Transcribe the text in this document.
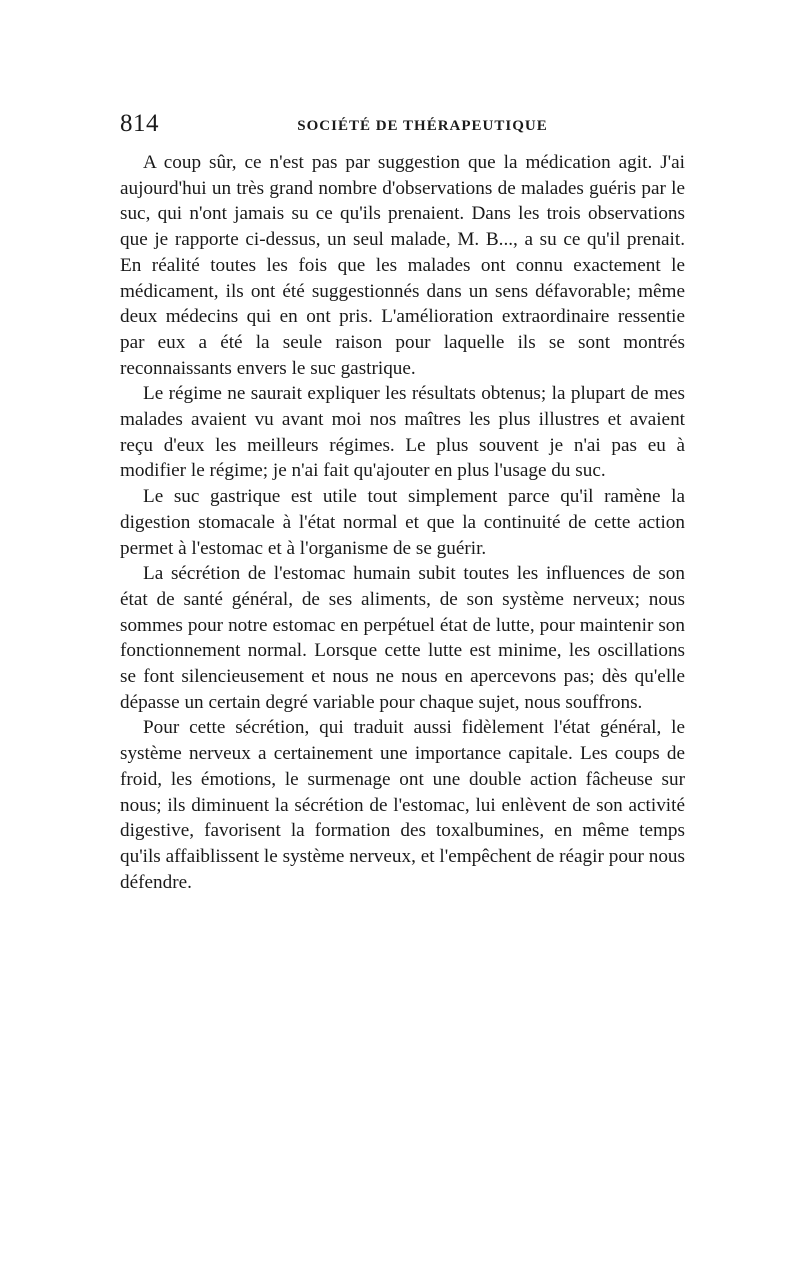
814	SOCIÉTÉ DE THÉRAPEUTIQUE

A coup sûr, ce n'est pas par suggestion que la médication agit. J'ai aujourd'hui un très grand nombre d'observations de malades guéris par le suc, qui n'ont jamais su ce qu'ils prenaient. Dans les trois observations que je rapporte ci-dessus, un seul malade, M. B..., a su ce qu'il prenait. En réalité toutes les fois que les malades ont connu exactement le médicament, ils ont été suggestionnés dans un sens défavorable; même deux médecins qui en ont pris. L'amélioration extraordinaire ressentie par eux a été la seule raison pour laquelle ils se sont montrés reconnaissants envers le suc gastrique.

Le régime ne saurait expliquer les résultats obtenus; la plupart de mes malades avaient vu avant moi nos maîtres les plus illustres et avaient reçu d'eux les meilleurs régimes. Le plus souvent je n'ai pas eu à modifier le régime; je n'ai fait qu'ajouter en plus l'usage du suc.

Le suc gastrique est utile tout simplement parce qu'il ramène la digestion stomacale à l'état normal et que la continuité de cette action permet à l'estomac et à l'organisme de se guérir.

La sécrétion de l'estomac humain subit toutes les influences de son état de santé général, de ses aliments, de son système nerveux; nous sommes pour notre estomac en perpétuel état de lutte, pour maintenir son fonctionnement normal. Lorsque cette lutte est minime, les oscillations se font silencieusement et nous ne nous en apercevons pas; dès qu'elle dépasse un certain degré variable pour chaque sujet, nous souffrons.

Pour cette sécrétion, qui traduit aussi fidèlement l'état général, le système nerveux a certainement une importance capitale. Les coups de froid, les émotions, le surmenage ont une double action fâcheuse sur nous; ils diminuent la sécrétion de l'estomac, lui enlèvent de son activité digestive, favorisent la formation des toxalbumines, en même temps qu'ils affaiblissent le système nerveux, et l'empêchent de réagir pour nous défendre.
